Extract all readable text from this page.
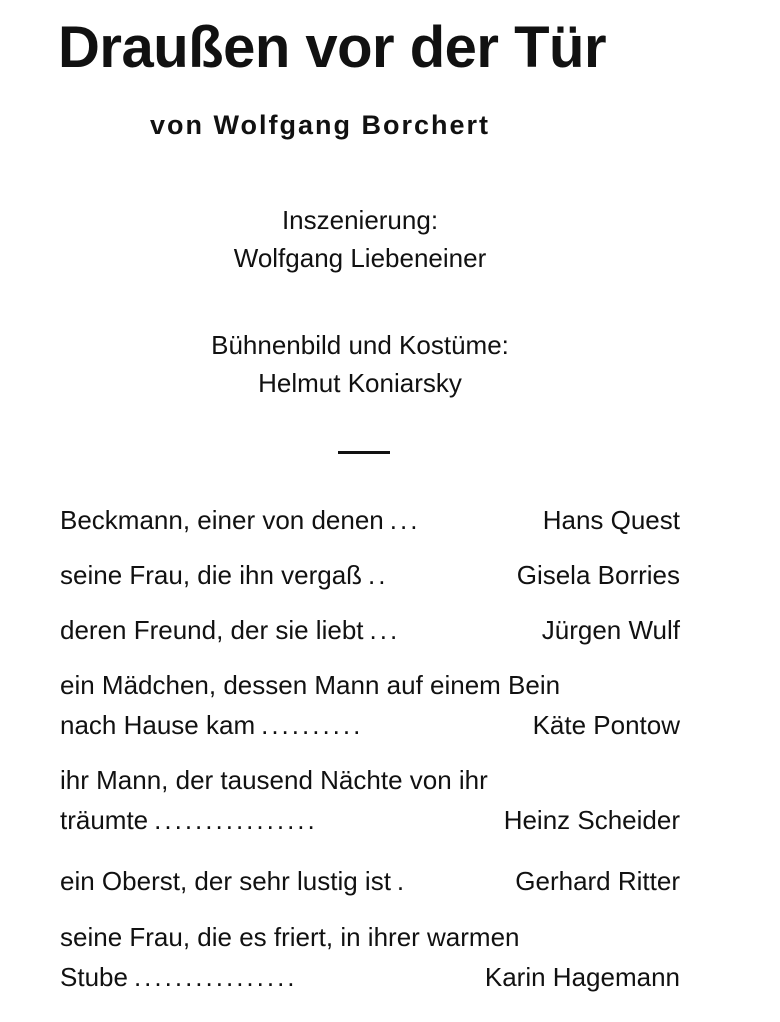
Draußen vor der Tür
von Wolfgang Borchert
Inszenierung:
Wolfgang Liebeneiner
Bühnenbild und Kostüme:
Helmut Koniarsky
Beckmann, einer von denen ...	Hans Quest
seine Frau, die ihn vergaß ..	Gisela Borries
deren Freund, der sie liebt ...	Jürgen Wulf
ein Mädchen, dessen Mann auf einem Bein
nach Hause kam ..........	Käte Pontow
ihr Mann, der tausend Nächte von ihr
träumte ................	Heinz Scheider
ein Oberst, der sehr lustig ist .	Gerhard Ritter
seine Frau, die es friert, in ihrer warmen
Stube ................	Karin Hagemann
